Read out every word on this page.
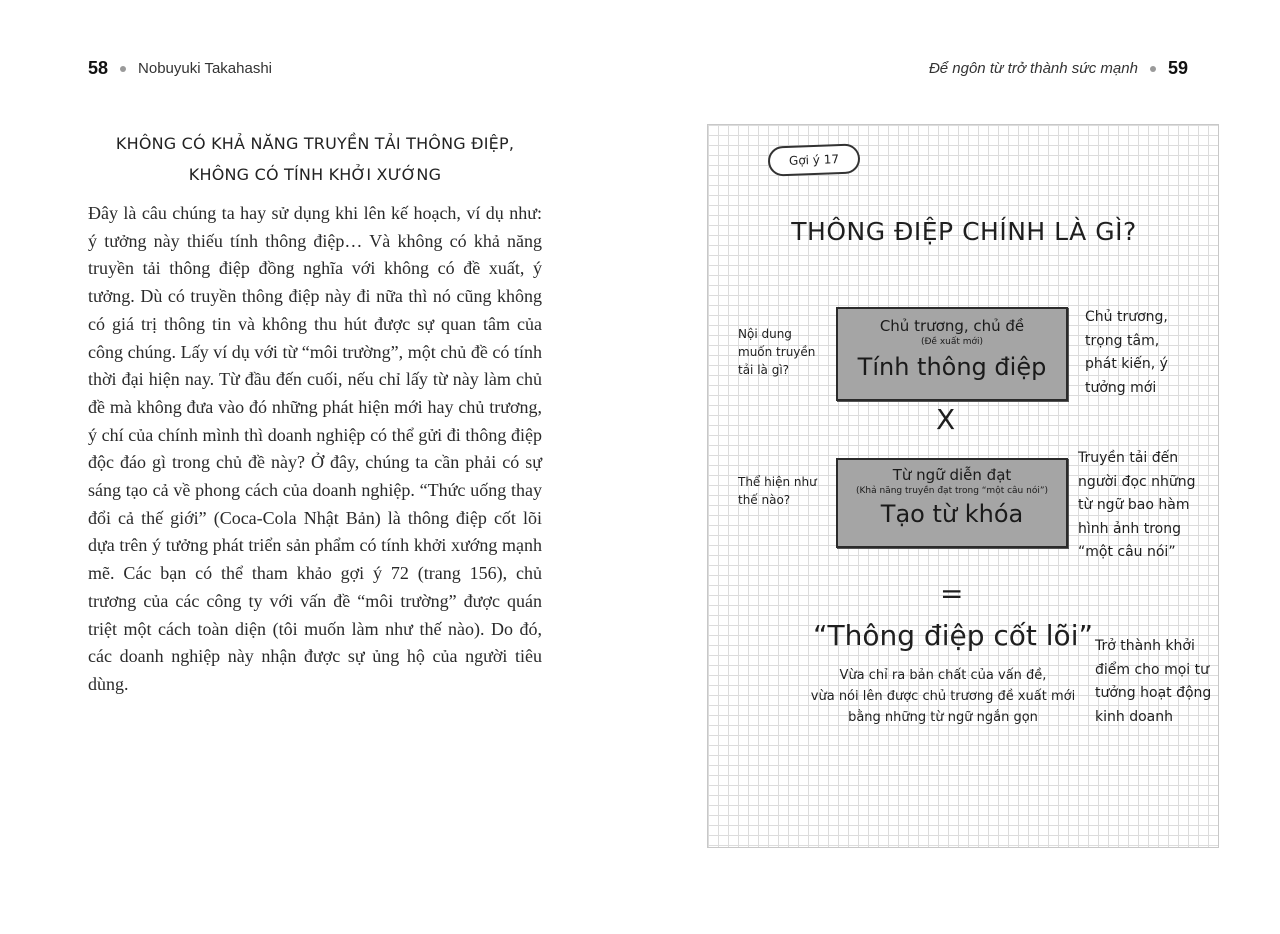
58 Nobuyuki Takahashi	Để ngôn từ trở thành sức mạnh 59
KHÔNG CÓ KHẢ NĂNG TRUYỀN TẢI THÔNG ĐIỆP,
KHÔNG CÓ TÍNH KHỞI XƯỚNG

Đây là câu chúng ta hay sử dụng khi lên kế hoạch, ví dụ như: ý tưởng này thiếu tính thông điệp… Và không có khả năng truyền tải thông điệp đồng nghĩa với không có đề xuất, ý tưởng. Dù có truyền thông điệp này đi nữa thì nó cũng không có giá trị thông tin và không thu hút được sự quan tâm của công chúng. Lấy ví dụ với từ “môi trường”, một chủ đề có tính thời đại hiện nay. Từ đầu đến cuối, nếu chỉ lấy từ này làm chủ đề mà không đưa vào đó những phát hiện mới hay chủ trương, ý chí của chính mình thì doanh nghiệp có thể gửi đi thông điệp độc đáo gì trong chủ đề này? Ở đây, chúng ta cần phải có sự sáng tạo cả về phong cách của doanh nghiệp. “Thức uống thay đổi cả thế giới” (Coca-Cola Nhật Bản) là thông điệp cốt lõi dựa trên ý tưởng phát triển sản phẩm có tính khởi xướng mạnh mẽ. Các bạn có thể tham khảo gợi ý 72 (trang 156), chủ trương của các công ty với vấn đề “môi trường” được quán triệt một cách toàn diện (tôi muốn làm như thế nào). Do đó, các doanh nghiệp này nhận được sự ủng hộ của người tiêu dùng.

Gợi ý 17
THÔNG ĐIỆP CHÍNH LÀ GÌ?
Nội dung
muốn truyền
tải là gì?
Chủ trương, chủ đề
(Đề xuất mới)
Tính thông điệp
Chủ trương,
trọng tâm,
phát kiến, ý
tưởng mới
X
Thể hiện như
thế nào?
Từ ngữ diễn đạt
(Khả năng truyền đạt trong “một câu nói”)
Tạo từ khóa
Truyền tải đến
người đọc những
từ ngữ bao hàm
hình ảnh trong
“một câu nói”
=
“Thông điệp cốt lõi”
Vừa chỉ ra bản chất của vấn đề,
vừa nói lên được chủ trương đề xuất mới
bằng những từ ngữ ngắn gọn
Trở thành khởi
điểm cho mọi tư
tưởng hoạt động
kinh doanh
